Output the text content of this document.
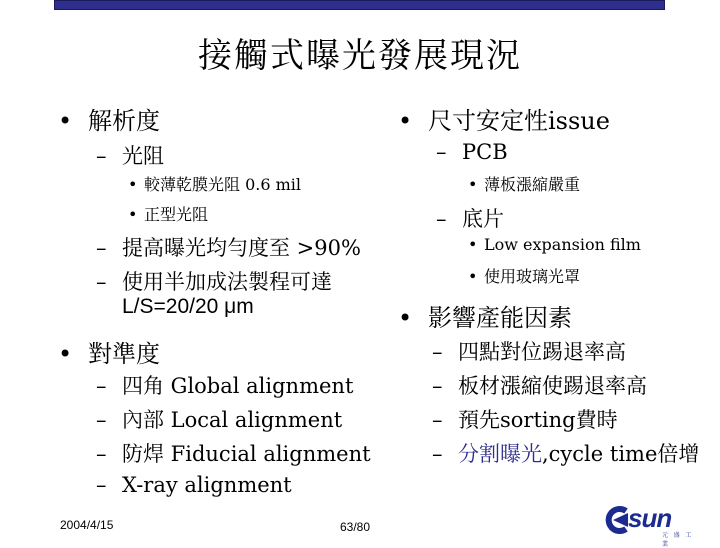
接觸式曝光發展現況
• 解析度
– 光阻
• 較薄乾膜光阻 0.6 mil
• 正型光阻
– 提高曝光均勻度至 >90%
– 使用半加成法製程可達
L/S=20/20 μm
• 對準度
– 四角 Global alignment
– 內部 Local alignment
– 防焊 Fiducial alignment
– X-ray alignment
• 尺寸安定性issue
– PCB
• 薄板漲縮嚴重
– 底片
• Low expansion film
• 使用玻璃光罩
• 影響產能因素
– 四點對位踢退率高
– 板材漲縮使踢退率高
– 預先sorting費時
– 分割曝光,cycle time倍增
2004/4/15	63/80	sun
元 盛 工 業
